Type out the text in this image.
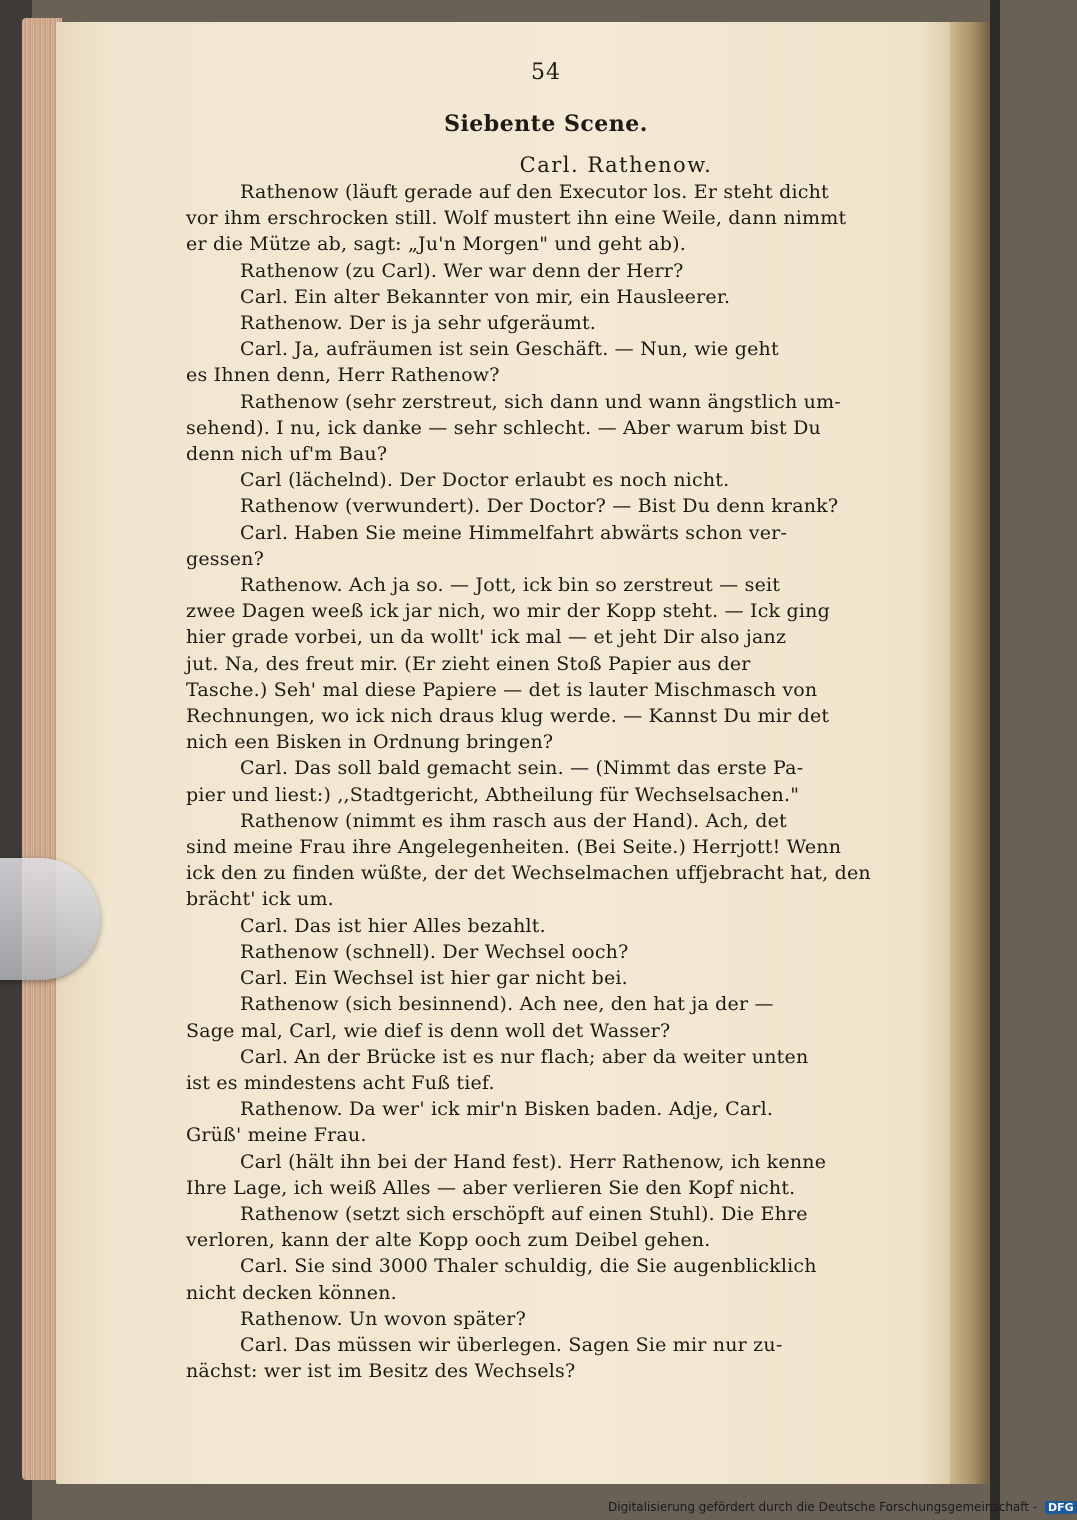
54
Siebente Scene.
Carl. Rathenow.

Rathenow (läuft gerade auf den Executor los. Er steht dicht

vor ihm erschrocken still. Wolf mustert ihn eine Weile, dann nimmt

er die Mütze ab, sagt: „Ju'n Morgen" und geht ab).

Rathenow (zu Carl). Wer war denn der Herr?

Carl. Ein alter Bekannter von mir, ein Hausleerer.

Rathenow. Der is ja sehr ufgeräumt.

Carl. Ja, aufräumen ist sein Geschäft. — Nun, wie geht

es Ihnen denn, Herr Rathenow?

Rathenow (sehr zerstreut, sich dann und wann ängstlich um-

sehend). I nu, ick danke — sehr schlecht. — Aber warum bist Du

denn nich uf'm Bau?

Carl (lächelnd). Der Doctor erlaubt es noch nicht.

Rathenow (verwundert). Der Doctor? — Bist Du denn krank?

Carl. Haben Sie meine Himmelfahrt abwärts schon ver-

gessen?

Rathenow. Ach ja so. — Jott, ick bin so zerstreut — seit

zwee Dagen weeß ick jar nich, wo mir der Kopp steht. — Ick ging

hier grade vorbei, un da wollt' ick mal — et jeht Dir also janz

jut. Na, des freut mir. (Er zieht einen Stoß Papier aus der

Tasche.) Seh' mal diese Papiere — det is lauter Mischmasch von

Rechnungen, wo ick nich draus klug werde. — Kannst Du mir det

nich een Bisken in Ordnung bringen?

Carl. Das soll bald gemacht sein. — (Nimmt das erste Pa-

pier und liest:) ,,Stadtgericht, Abtheilung für Wechselsachen."

Rathenow (nimmt es ihm rasch aus der Hand). Ach, det

sind meine Frau ihre Angelegenheiten. (Bei Seite.) Herrjott! Wenn

ick den zu finden wüßte, der det Wechselmachen uffjebracht hat, den

brächt' ick um.

Carl. Das ist hier Alles bezahlt.

Rathenow (schnell). Der Wechsel ooch?

Carl. Ein Wechsel ist hier gar nicht bei.

Rathenow (sich besinnend). Ach nee, den hat ja der —

Sage mal, Carl, wie dief is denn woll det Wasser?

Carl. An der Brücke ist es nur flach; aber da weiter unten

ist es mindestens acht Fuß tief.

Rathenow. Da wer' ick mir'n Bisken baden. Adje, Carl.

Grüß' meine Frau.

Carl (hält ihn bei der Hand fest). Herr Rathenow, ich kenne

Ihre Lage, ich weiß Alles — aber verlieren Sie den Kopf nicht.

Rathenow (setzt sich erschöpft auf einen Stuhl). Die Ehre

verloren, kann der alte Kopp ooch zum Deibel gehen.

Carl. Sie sind 3000 Thaler schuldig, die Sie augenblicklich

nicht decken können.

Rathenow. Un wovon später?

Carl. Das müssen wir überlegen. Sagen Sie mir nur zu-

nächst: wer ist im Besitz des Wechsels?

Digitalisierung gefördert durch die Deutsche Forschungsgemeinschaft - DFG
